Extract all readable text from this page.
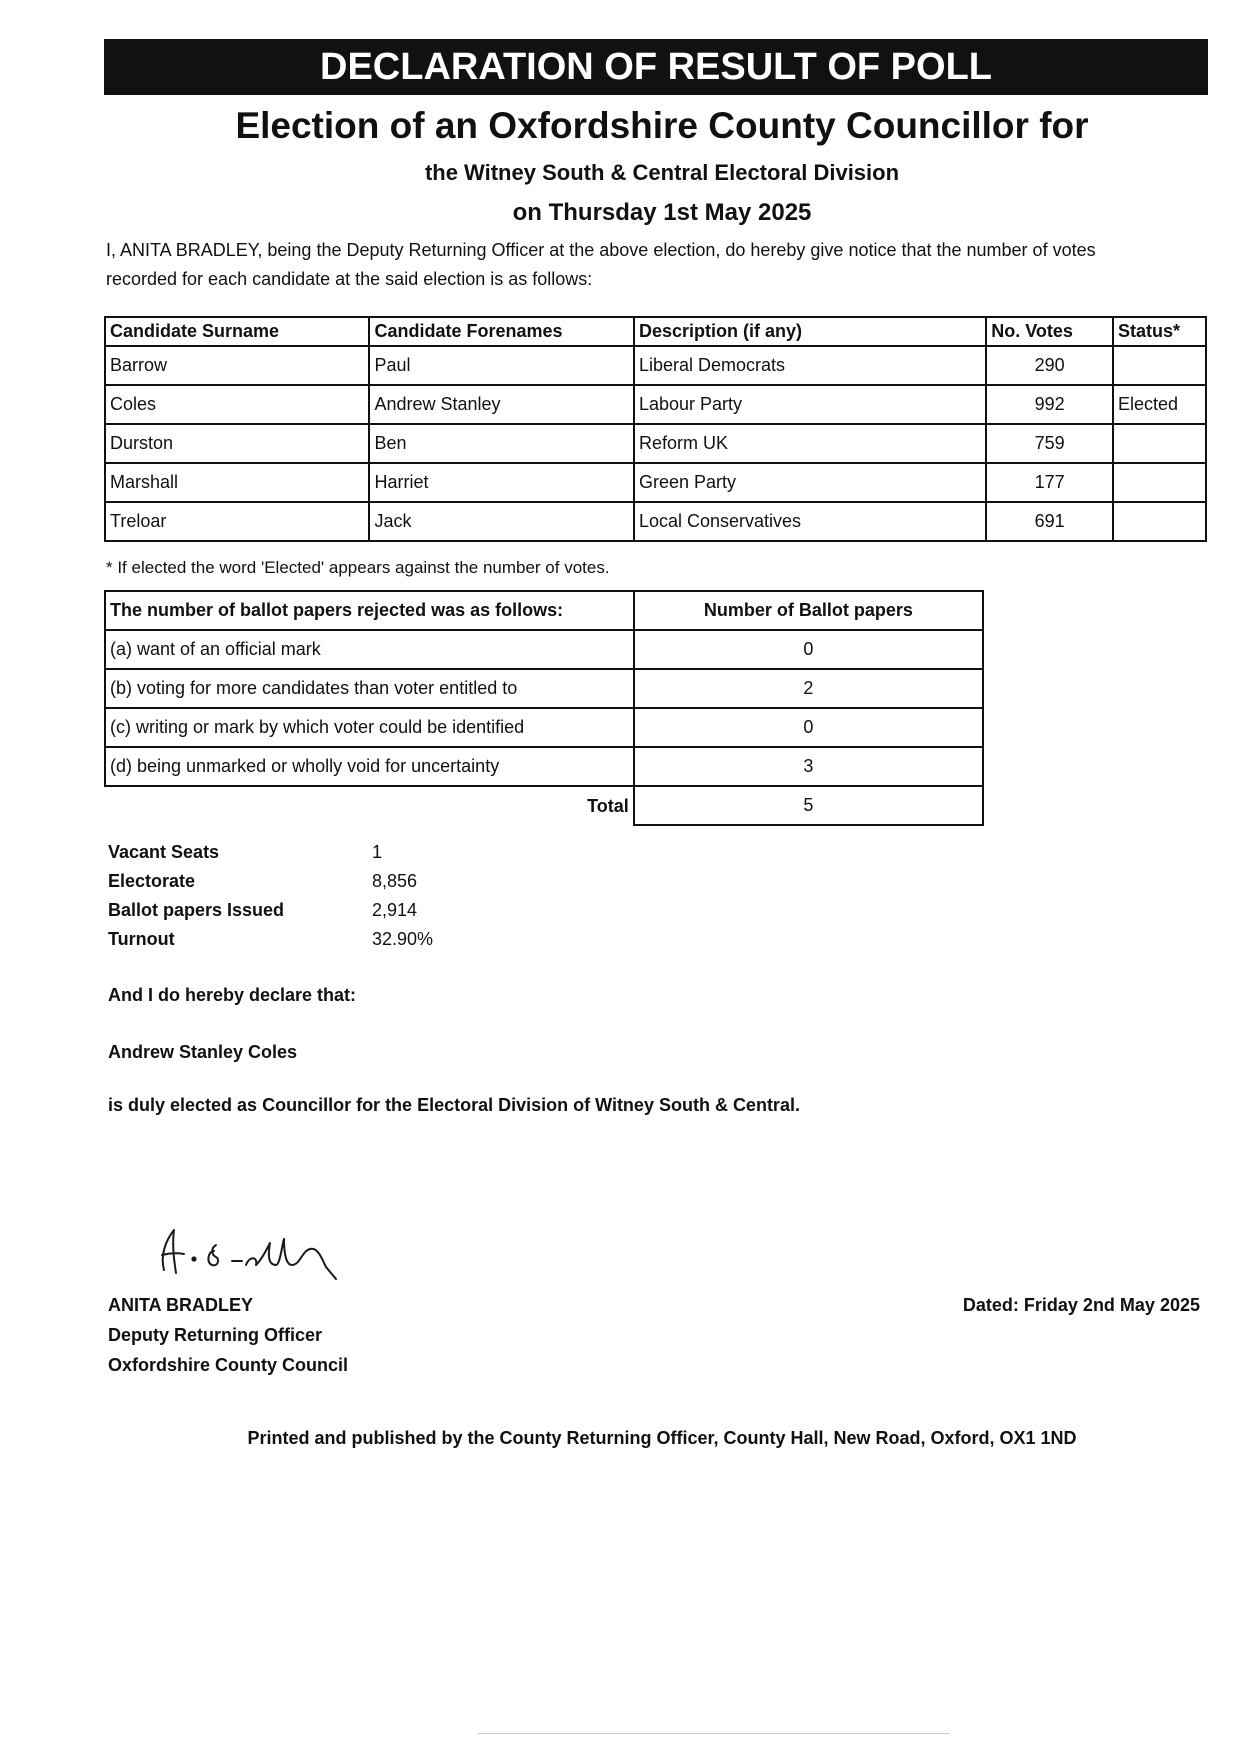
DECLARATION OF RESULT OF POLL
Election of an Oxfordshire County Councillor for
the Witney South & Central Electoral Division
on Thursday 1st May 2025
I, ANITA BRADLEY, being the Deputy Returning Officer at the above election, do hereby give notice that the number of votes
recorded for each candidate at the said election is as follows:
Candidate Surname	Candidate Forenames	Description (if any)	No. Votes	Status*
Barrow	Paul	Liberal Democrats	290	
Coles	Andrew Stanley	Labour Party	992	Elected
Durston	Ben	Reform UK	759	
Marshall	Harriet	Green Party	177	
Treloar	Jack	Local Conservatives	691	
* If elected the word 'Elected' appears against the number of votes.
The number of ballot papers rejected was as follows:	Number of Ballot papers
(a) want of an official mark	0
(b) voting for more candidates than voter entitled to	2
(c) writing or mark by which voter could be identified	0
(d) being unmarked or wholly void for uncertainty	3
Total	5
Vacant Seats	1
Electorate	8,856
Ballot papers Issued	2,914
Turnout	32.90%
And I do hereby declare that:
Andrew Stanley Coles
is duly elected as Councillor for the Electoral Division of Witney South & Central.
ANITA BRADLEY
Deputy Returning Officer
Oxfordshire County Council
Dated: Friday 2nd May 2025
Printed and published by the County Returning Officer, County Hall, New Road, Oxford, OX1 1ND
